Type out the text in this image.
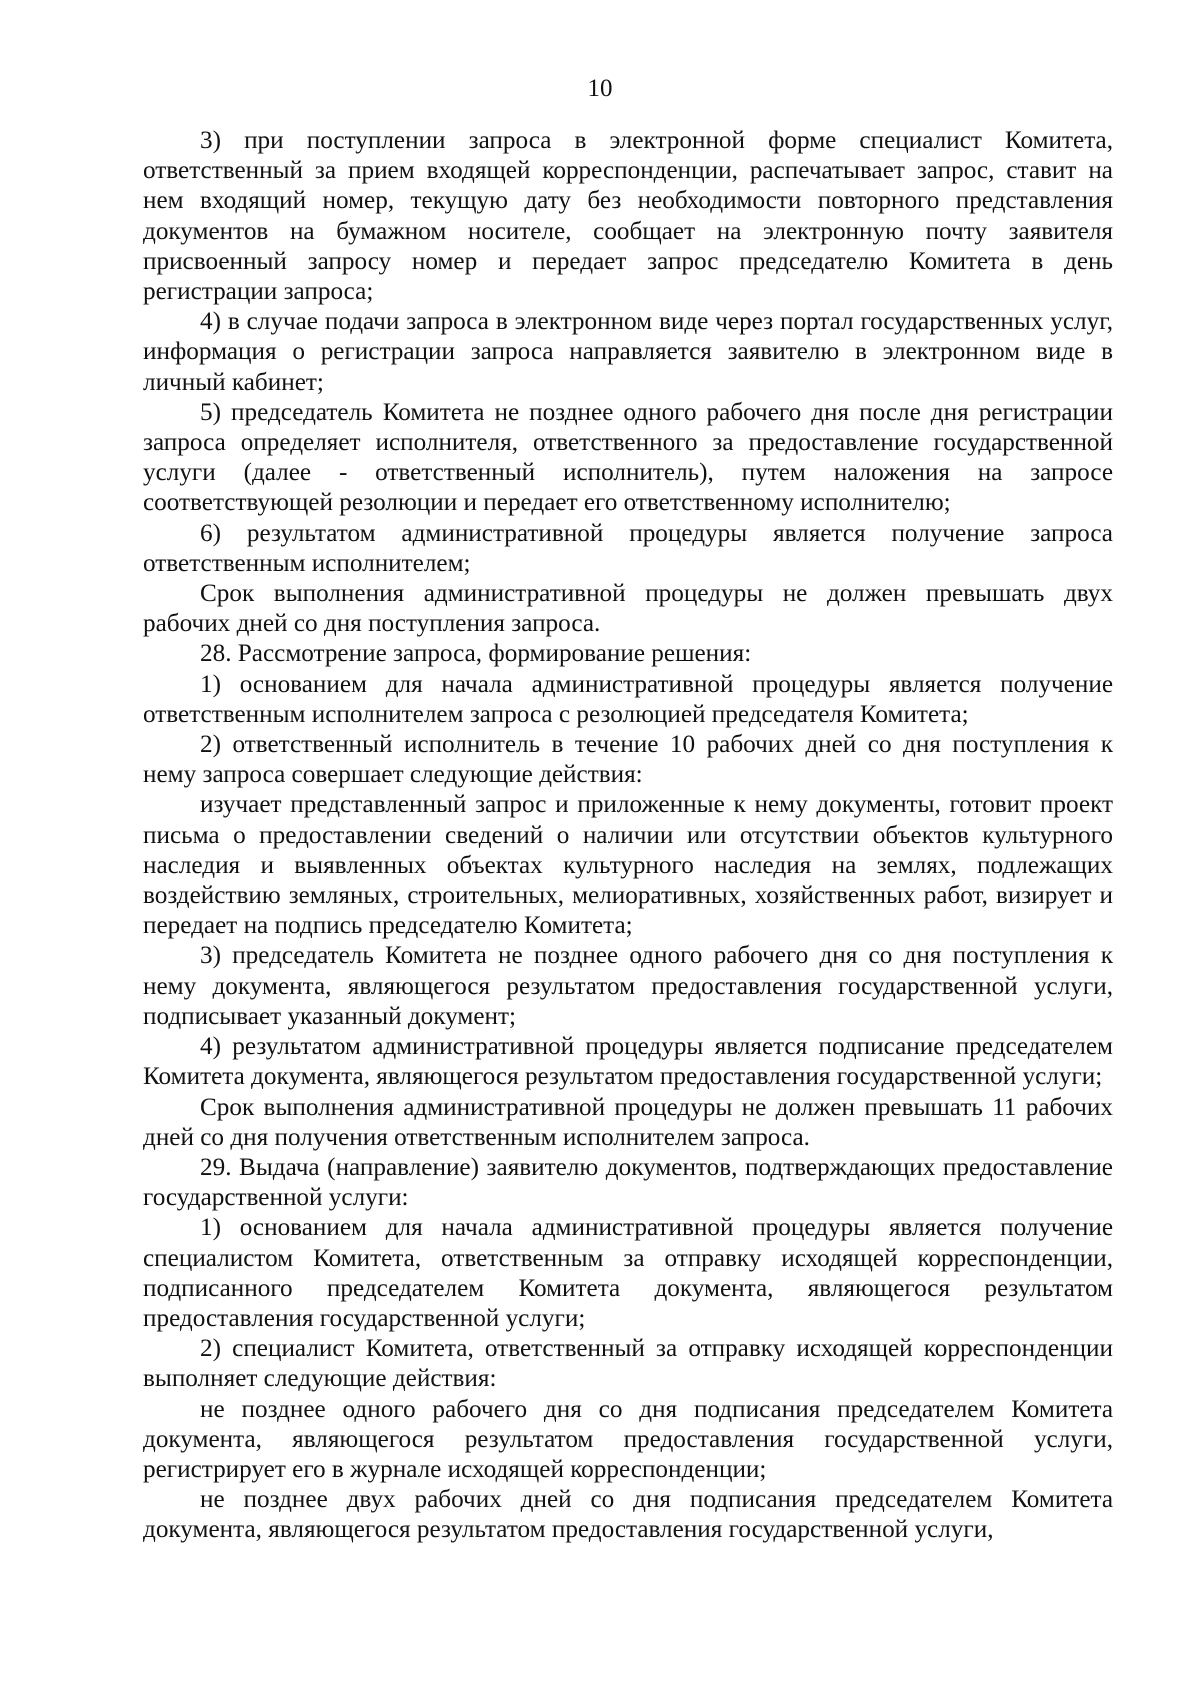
10

3) при поступлении запроса в электронной форме специалист Комитета, ответственный за прием входящей корреспонденции, распечатывает запрос, ставит на нем входящий номер, текущую дату без необходимости повторного представления документов на бумажном носителе, сообщает на электронную почту заявителя присвоенный запросу номер и передает запрос председателю Комитета в день регистрации запроса;

4) в случае подачи запроса в электронном виде через портал государственных услуг, информация о регистрации запроса направляется заявителю в электронном виде в личный кабинет;

5) председатель Комитета не позднее одного рабочего дня после дня регистрации запроса определяет исполнителя, ответственного за предоставление государственной услуги (далее - ответственный исполнитель), путем наложения на запросе соответствующей резолюции и передает его ответственному исполнителю;

6) результатом административной процедуры является получение запроса ответственным исполнителем;

Срок выполнения административной процедуры не должен превышать двух рабочих дней со дня поступления запроса.

28. Рассмотрение запроса, формирование решения:

1) основанием для начала административной процедуры является получение ответственным исполнителем запроса с резолюцией председателя Комитета;

2) ответственный исполнитель в течение 10 рабочих дней со дня поступления к нему запроса совершает следующие действия:

изучает представленный запрос и приложенные к нему документы, готовит проект письма о предоставлении сведений о наличии или отсутствии объектов культурного наследия и выявленных объектах культурного наследия на землях, подлежащих воздействию земляных, строительных, мелиоративных, хозяйственных работ, визирует и передает на подпись председателю Комитета;

3) председатель Комитета не позднее одного рабочего дня со дня поступления к нему документа, являющегося результатом предоставления государственной услуги, подписывает указанный документ;

4) результатом административной процедуры является подписание председателем Комитета документа, являющегося результатом предоставления государственной услуги;

Срок выполнения административной процедуры не должен превышать 11 рабочих дней со дня получения ответственным исполнителем запроса.

29. Выдача (направление) заявителю документов, подтверждающих предоставление государственной услуги:

1) основанием для начала административной процедуры является получение специалистом Комитета, ответственным за отправку исходящей корреспонденции, подписанного председателем Комитета документа, являющегося результатом предоставления государственной услуги;

2) специалист Комитета, ответственный за отправку исходящей корреспонденции выполняет следующие действия:

не позднее одного рабочего дня со дня подписания председателем Комитета документа, являющегося результатом предоставления государственной услуги, регистрирует его в журнале исходящей корреспонденции;

не позднее двух рабочих дней со дня подписания председателем Комитета документа, являющегося результатом предоставления государственной услуги,
